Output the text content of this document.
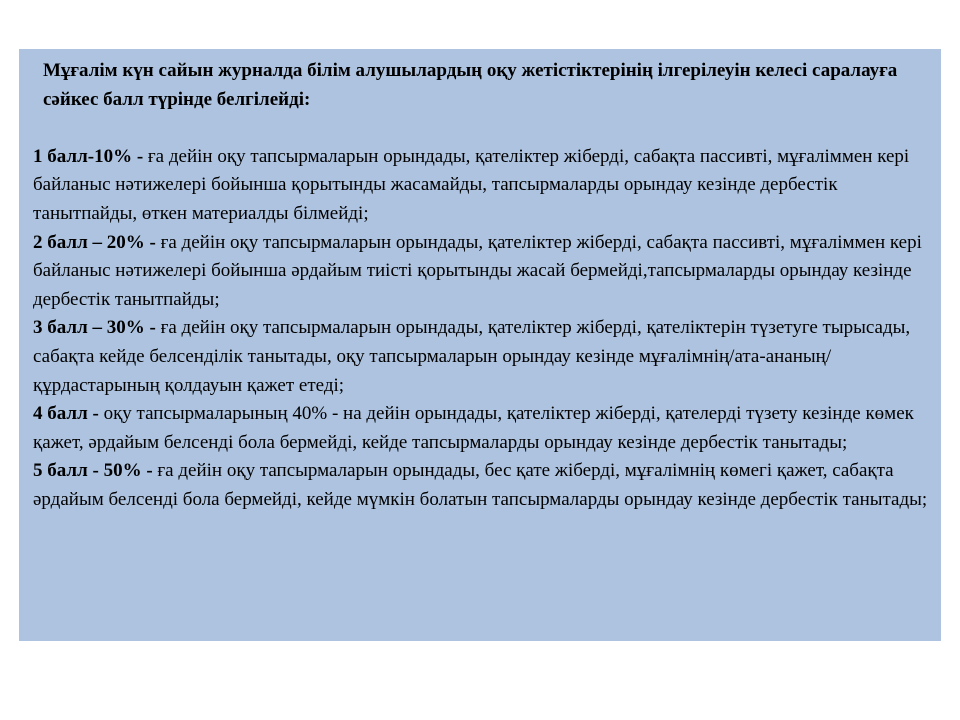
Мұғалім күн сайын журналда білім алушылардың оқу жетістіктерінің ілгерілеуін келесі саралауға сәйкес балл түрінде белгілейді:

1 балл-10% - ға дейін оқу тапсырмаларын орындады, қателіктер жіберді, сабақта пассивті, мұғаліммен кері байланыс нәтижелері бойынша қорытынды жасамайды, тапсырмаларды орындау кезінде дербестік танытпайды, өткен материалды білмейді;

2 балл – 20% - ға дейін оқу тапсырмаларын орындады, қателіктер жіберді, сабақта пассивті, мұғаліммен кері байланыс нәтижелері бойынша әрдайым тиісті қорытынды жасай бермейді,тапсырмаларды орындау кезінде дербестік танытпайды;

3 балл – 30% - ға дейін оқу тапсырмаларын орындады, қателіктер жіберді, қателіктерін түзетуге тырысады, сабақта кейде белсенділік танытады, оқу тапсырмаларын орындау кезінде мұғалімнің/ата-ананың/құрдастарының қолдауын қажет етеді;

4 балл - оқу тапсырмаларының 40% - на дейін орындады, қателіктер жіберді, қателерді түзету кезінде көмек қажет, әрдайым белсенді бола бермейді, кейде тапсырмаларды орындау кезінде дербестік танытады;

5 балл - 50% - ға дейін оқу тапсырмаларын орындады, бес қате жіберді, мұғалімнің көмегі қажет, сабақта әрдайым белсенді бола бермейді, кейде мүмкін болатын тапсырмаларды орындау кезінде дербестік танытады;
